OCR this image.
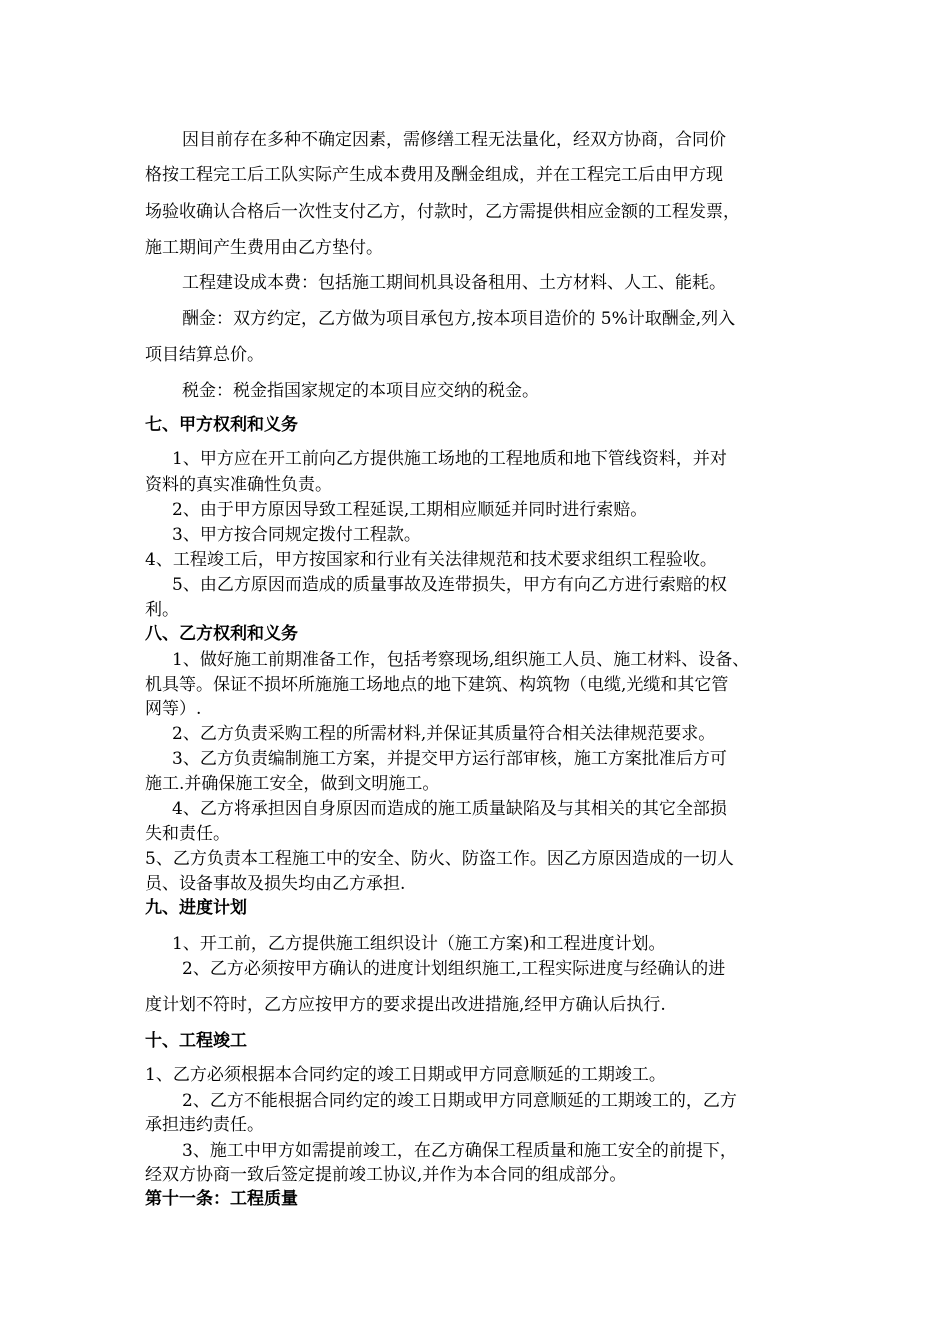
因目前存在多种不确定因素，需修缮工程无法量化，经双方协商，合同价
格按工程完工后工队实际产生成本费用及酬金组成，并在工程完工后由甲方现
场验收确认合格后一次性支付乙方，付款时，乙方需提供相应金额的工程发票，
施工期间产生费用由乙方垫付。
工程建设成本费：包括施工期间机具设备租用、土方材料、人工、能耗。
酬金：双方约定，乙方做为项目承包方,按本项目造价的 5%计取酬金,列入
项目结算总价。
税金：税金指国家规定的本项目应交纳的税金。
七、甲方权利和义务
1、甲方应在开工前向乙方提供施工场地的工程地质和地下管线资料，并对
资料的真实准确性负责。
2、由于甲方原因导致工程延误,工期相应顺延并同时进行索赔。
3、甲方按合同规定拨付工程款。
4、工程竣工后，甲方按国家和行业有关法律规范和技术要求组织工程验收。
5、由乙方原因而造成的质量事故及连带损失，甲方有向乙方进行索赔的权
利。
八、乙方权利和义务
1、做好施工前期准备工作，包括考察现场,组织施工人员、施工材料、设备、
机具等。保证不损坏所施施工场地点的地下建筑、构筑物（电缆,光缆和其它管
网等）.
2、乙方负责采购工程的所需材料,并保证其质量符合相关法律规范要求。
3、乙方负责编制施工方案，并提交甲方运行部审核，施工方案批准后方可
施工.并确保施工安全，做到文明施工。
4、乙方将承担因自身原因而造成的施工质量缺陷及与其相关的其它全部损
失和责任。
5、乙方负责本工程施工中的安全、防火、防盗工作。因乙方原因造成的一切人
员、设备事故及损失均由乙方承担.
九、进度计划
1、开工前，乙方提供施工组织设计（施工方案)和工程进度计划。
2、乙方必须按甲方确认的进度计划组织施工,工程实际进度与经确认的进
度计划不符时，乙方应按甲方的要求提出改进措施,经甲方确认后执行.
十、工程竣工
1、乙方必须根据本合同约定的竣工日期或甲方同意顺延的工期竣工。
2、乙方不能根据合同约定的竣工日期或甲方同意顺延的工期竣工的，乙方
承担违约责任。
3、施工中甲方如需提前竣工，在乙方确保工程质量和施工安全的前提下，
经双方协商一致后签定提前竣工协议,并作为本合同的组成部分。
第十一条：工程质量
